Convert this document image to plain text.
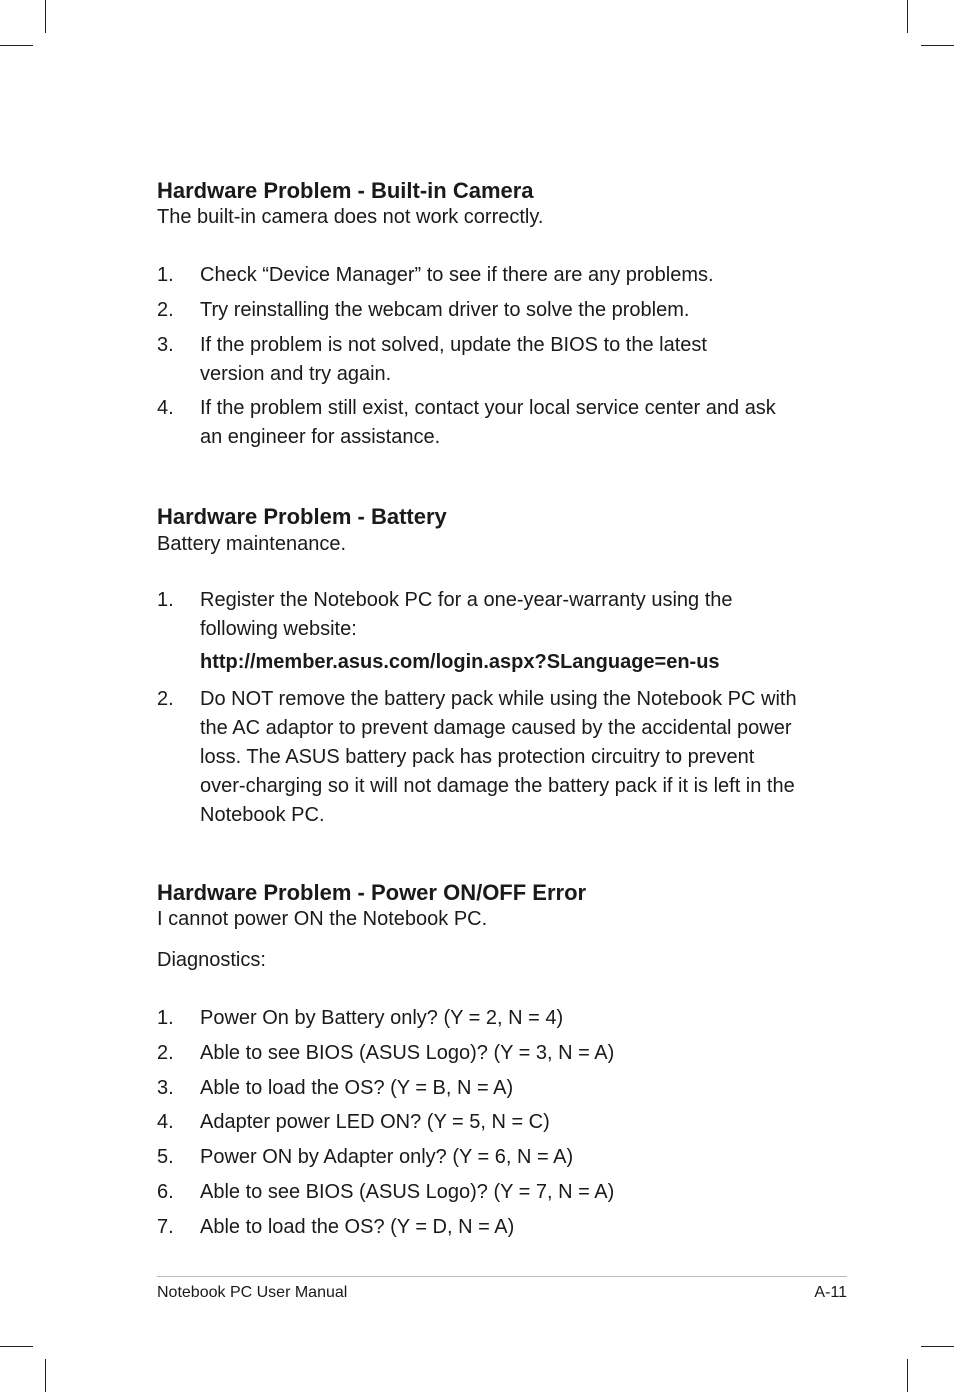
Hardware Problem - Built-in Camera

The built-in camera does not work correctly.

1. Check “Device Manager” to see if there are any problems.
2. Try reinstalling the webcam driver to solve the problem.
3. If the problem is not solved, update the BIOS to the latest version and try again.
4. If the problem still exist, contact your local service center and ask an engineer for assistance.
Hardware Problem - Battery

Battery maintenance.

1. Register the Notebook PC for a one-year-warranty using the following website:
http://member.asus.com/login.aspx?SLanguage=en-us
2. Do NOT remove the battery pack while using the Notebook PC with the AC adaptor to prevent damage caused by the accidental power loss. The ASUS battery pack has protection circuitry to prevent over-charging so it will not damage the battery pack if it is left in the Notebook PC.
Hardware Problem - Power ON/OFF Error

I cannot power ON the Notebook PC.

Diagnostics:

1. Power On by Battery only? (Y = 2, N = 4)
2. Able to see BIOS (ASUS Logo)? (Y = 3, N = A)
3. Able to load the OS? (Y = B, N = A)
4. Adapter power LED ON? (Y = 5, N = C)
5. Power ON by Adapter only? (Y = 6, N = A)
6. Able to see BIOS (ASUS Logo)? (Y = 7, N = A)
7. Able to load the OS? (Y = D, N = A)
Notebook PC User Manual	A-11
